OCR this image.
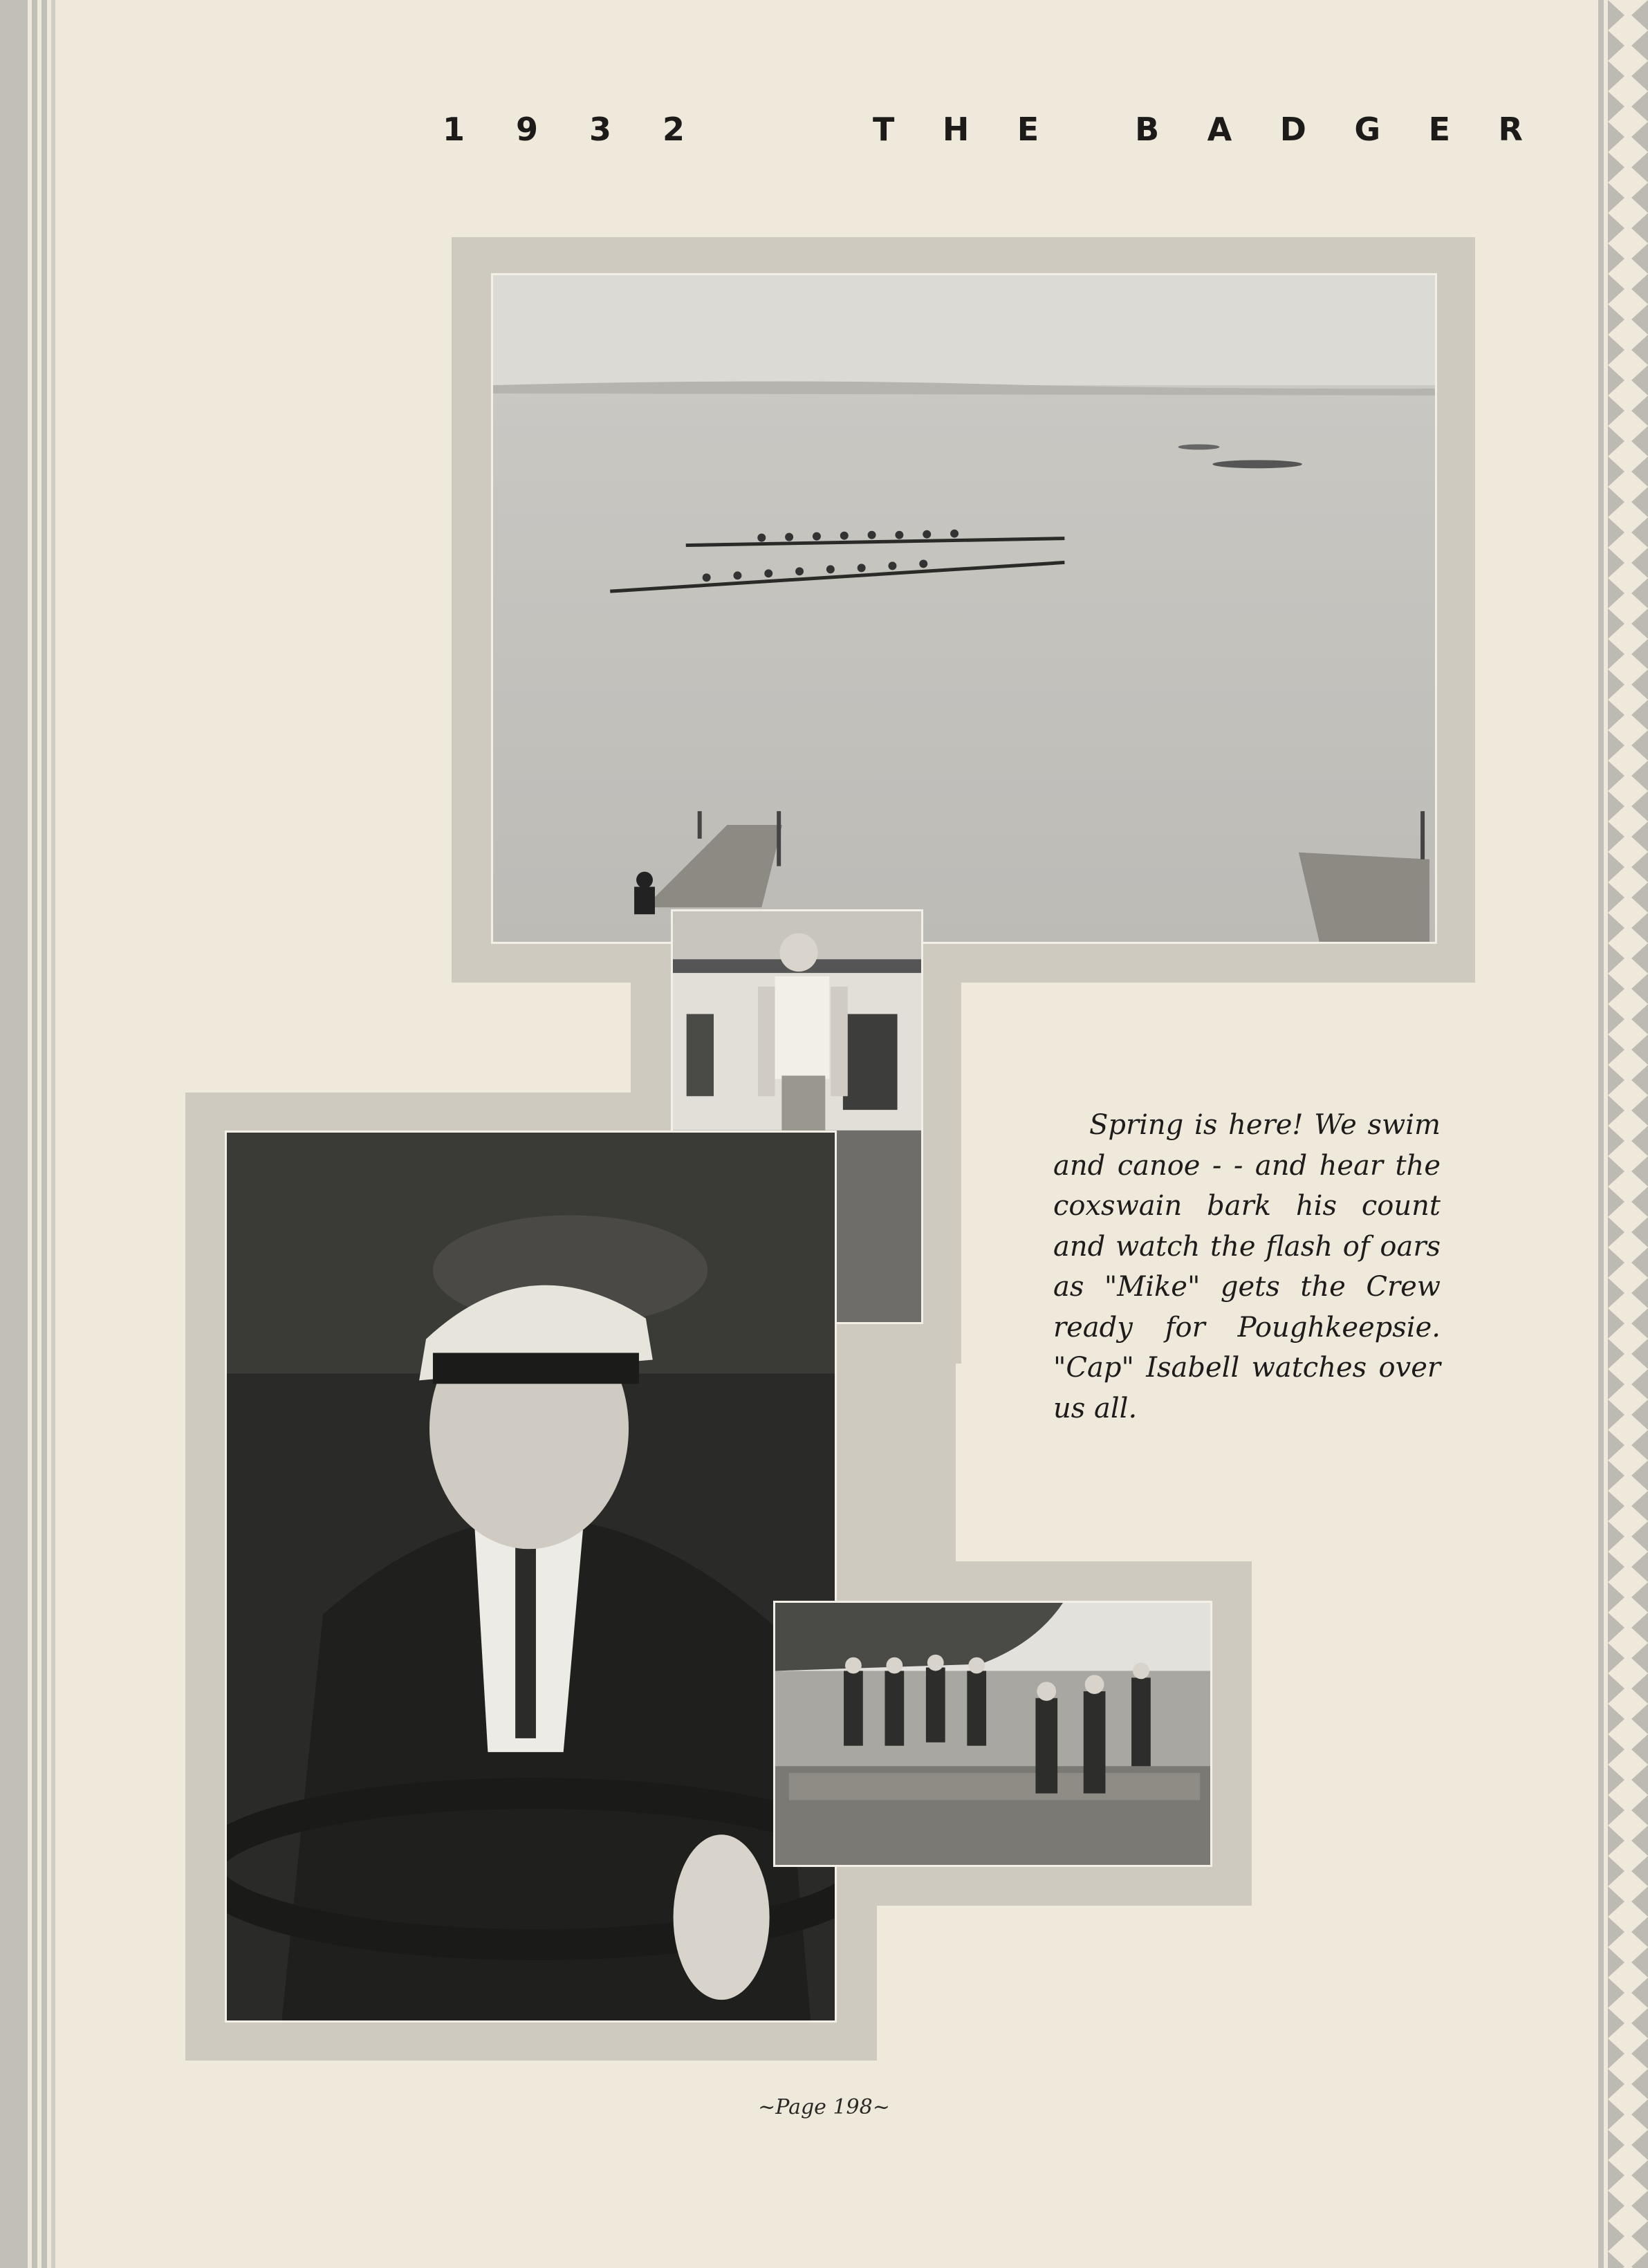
1 9 3 2	T H E	B A D G E R
Spring is here! We swim
and canoe - - and hear the
coxswain bark his count
and watch the flash of oars
as "Mike" gets the Crew
ready for Poughkeepsie.
"Cap" Isabell watches over
us all.
~Page 198~
